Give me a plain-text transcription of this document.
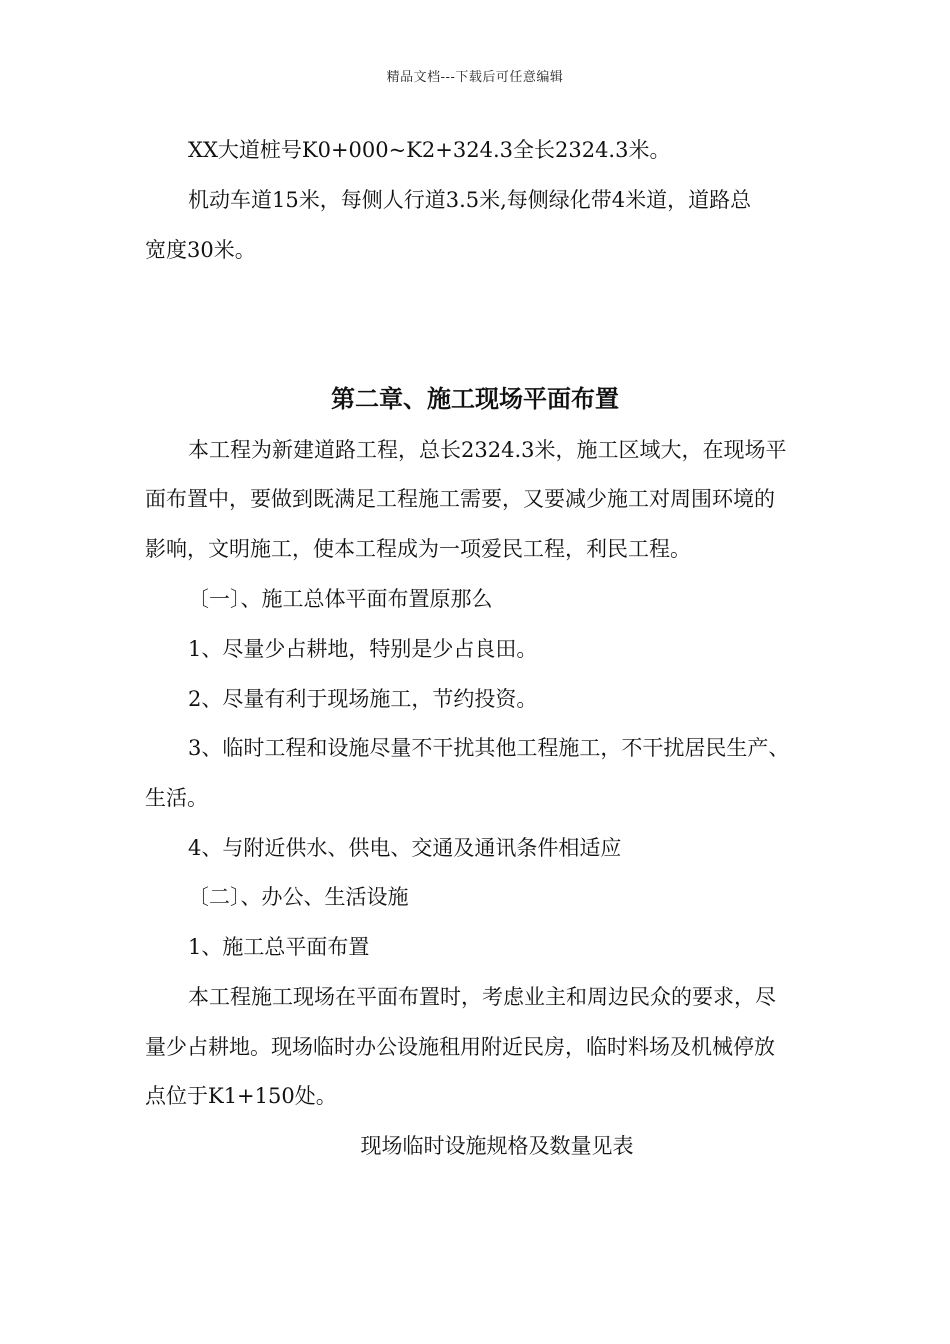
精品文档---下载后可任意编辑
XX大道桩号K0+000~K2+324.3全长2324.3米。
机动车道15米，每侧人行道3.5米,每侧绿化带4米道，道路总
宽度30米。
第二章、施工现场平面布置
本工程为新建道路工程，总长2324.3米，施工区域大，在现场平
面布置中，要做到既满足工程施工需要，又要减少施工对周围环境的
影响，文明施工，使本工程成为一项爱民工程，利民工程。
〔一〕、施工总体平面布置原那么
1、尽量少占耕地，特别是少占良田。
2、尽量有利于现场施工，节约投资。
3、临时工程和设施尽量不干扰其他工程施工，不干扰居民生产、
生活。
4、与附近供水、供电、交通及通讯条件相适应
〔二〕、办公、生活设施
1、施工总平面布置
本工程施工现场在平面布置时，考虑业主和周边民众的要求，尽
量少占耕地。现场临时办公设施租用附近民房，临时料场及机械停放
点位于K1+150处。
现场临时设施规格及数量见表
